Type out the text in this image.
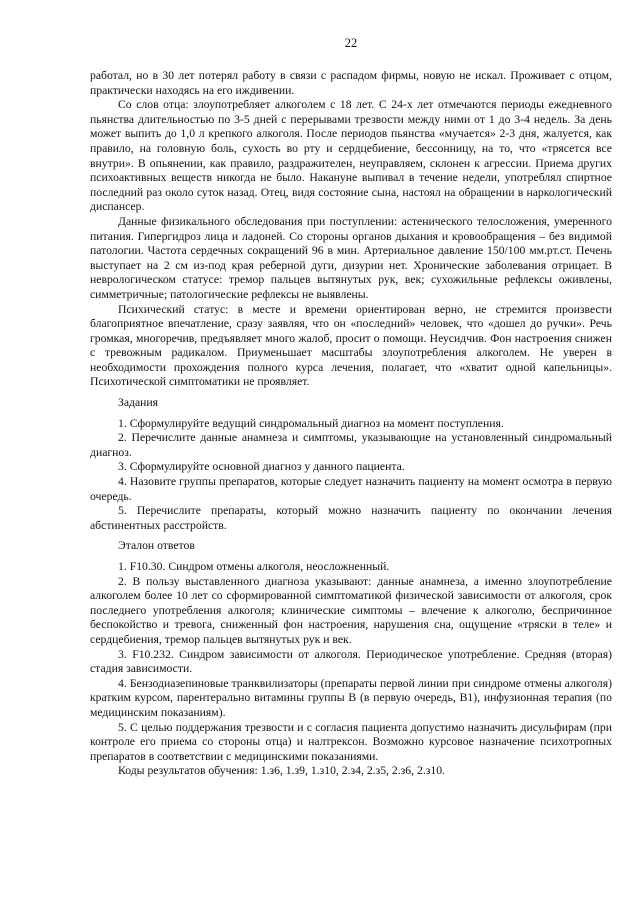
22

работал, но в 30 лет потерял работу в связи с распадом фирмы, новую не искал. Проживает с отцом, практически находясь на его иждивении.

Со слов отца: злоупотребляет алкоголем с 18 лет. С 24-х лет отмечаются периоды ежедневного пьянства длительностью по 3-5 дней с перерывами трезвости между ними от 1 до 3-4 недель. За день может выпить до 1,0 л крепкого алкоголя. После периодов пьянства «мучается» 2-3 дня, жалуется, как правило, на головную боль, сухость во рту и сердцебиение, бессонницу, на то, что «трясется все внутри». В опьянении, как правило, раздражителен, неуправляем, склонен к агрессии. Приема других психоактивных веществ никогда не было. Накануне выпивал в течение недели, употреблял спиртное последний раз около суток назад. Отец, видя состояние сына, настоял на обращении в наркологический диспансер.

Данные физикального обследования при поступлении: астенического телосложения, умеренного питания. Гипергидроз лица и ладоней. Со стороны органов дыхания и кровообращения – без видимой патологии. Частота сердечных сокращений 96 в мин. Артериальное давление 150/100 мм.рт.ст. Печень выступает на 2 см из-под края реберной дуги, дизурии нет. Хронические заболевания отрицает. В неврологическом статусе: тремор пальцев вытянутых рук, век; сухожильные рефлексы оживлены, симметричные; патологические рефлексы не выявлены.

Психический статус: в месте и времени ориентирован верно, не стремится произвести благоприятное впечатление, сразу заявляя, что он «последний» человек, что «дошел до ручки». Речь громкая, многоречив, предъявляет много жалоб, просит о помощи. Неусидчив. Фон настроения снижен с тревожным радикалом. Приуменьшает масштабы злоупотребления алкоголем. Не уверен в необходимости прохождения полного курса лечения, полагает, что «хватит одной капельницы». Психотической симптоматики не проявляет.

Задания

1. Сформулируйте ведущий синдромальный диагноз на момент поступления.

2. Перечислите данные анамнеза и симптомы, указывающие на установленный синдромальный диагноз.

3. Сформулируйте основной диагноз у данного пациента.

4. Назовите группы препаратов, которые следует назначить пациенту на момент осмотра в первую очередь.

5. Перечислите препараты, который можно назначить пациенту по окончании лечения абстинентных расстройств.

Эталон ответов

1. F10.30. Синдром отмены алкоголя, неосложненный.

2. В пользу выставленного диагноза указывают: данные анамнеза, а именно злоупотребление алкоголем более 10 лет со сформированной симптоматикой физической зависимости от алкоголя, срок последнего употребления алкоголя; клинические симптомы – влечение к алкоголю, беспричинное беспокойство и тревога, сниженный фон настроения, нарушения сна, ощущение «тряски в теле» и сердцебиения, тремор пальцев вытянутых рук и век.

3. F10.232. Синдром зависимости от алкоголя. Периодическое употребление. Средняя (вторая) стадия зависимости.

4. Бензодиазепиновые транквилизаторы (препараты первой линии при синдроме отмены алкоголя) кратким курсом, парентерально витамины группы В (в первую очередь, В1), инфузионная терапия (по медицинским показаниям).

5. С целью поддержания трезвости и с согласия пациента допустимо назначить дисульфирам (при контроле его приема со стороны отца) и налтрексон. Возможно курсовое назначение психотропных препаратов в соответствии с медицинскими показаниями.

Коды результатов обучения: 1.з6, 1.з9, 1.з10, 2.з4, 2.з5, 2.з6, 2.з10.
